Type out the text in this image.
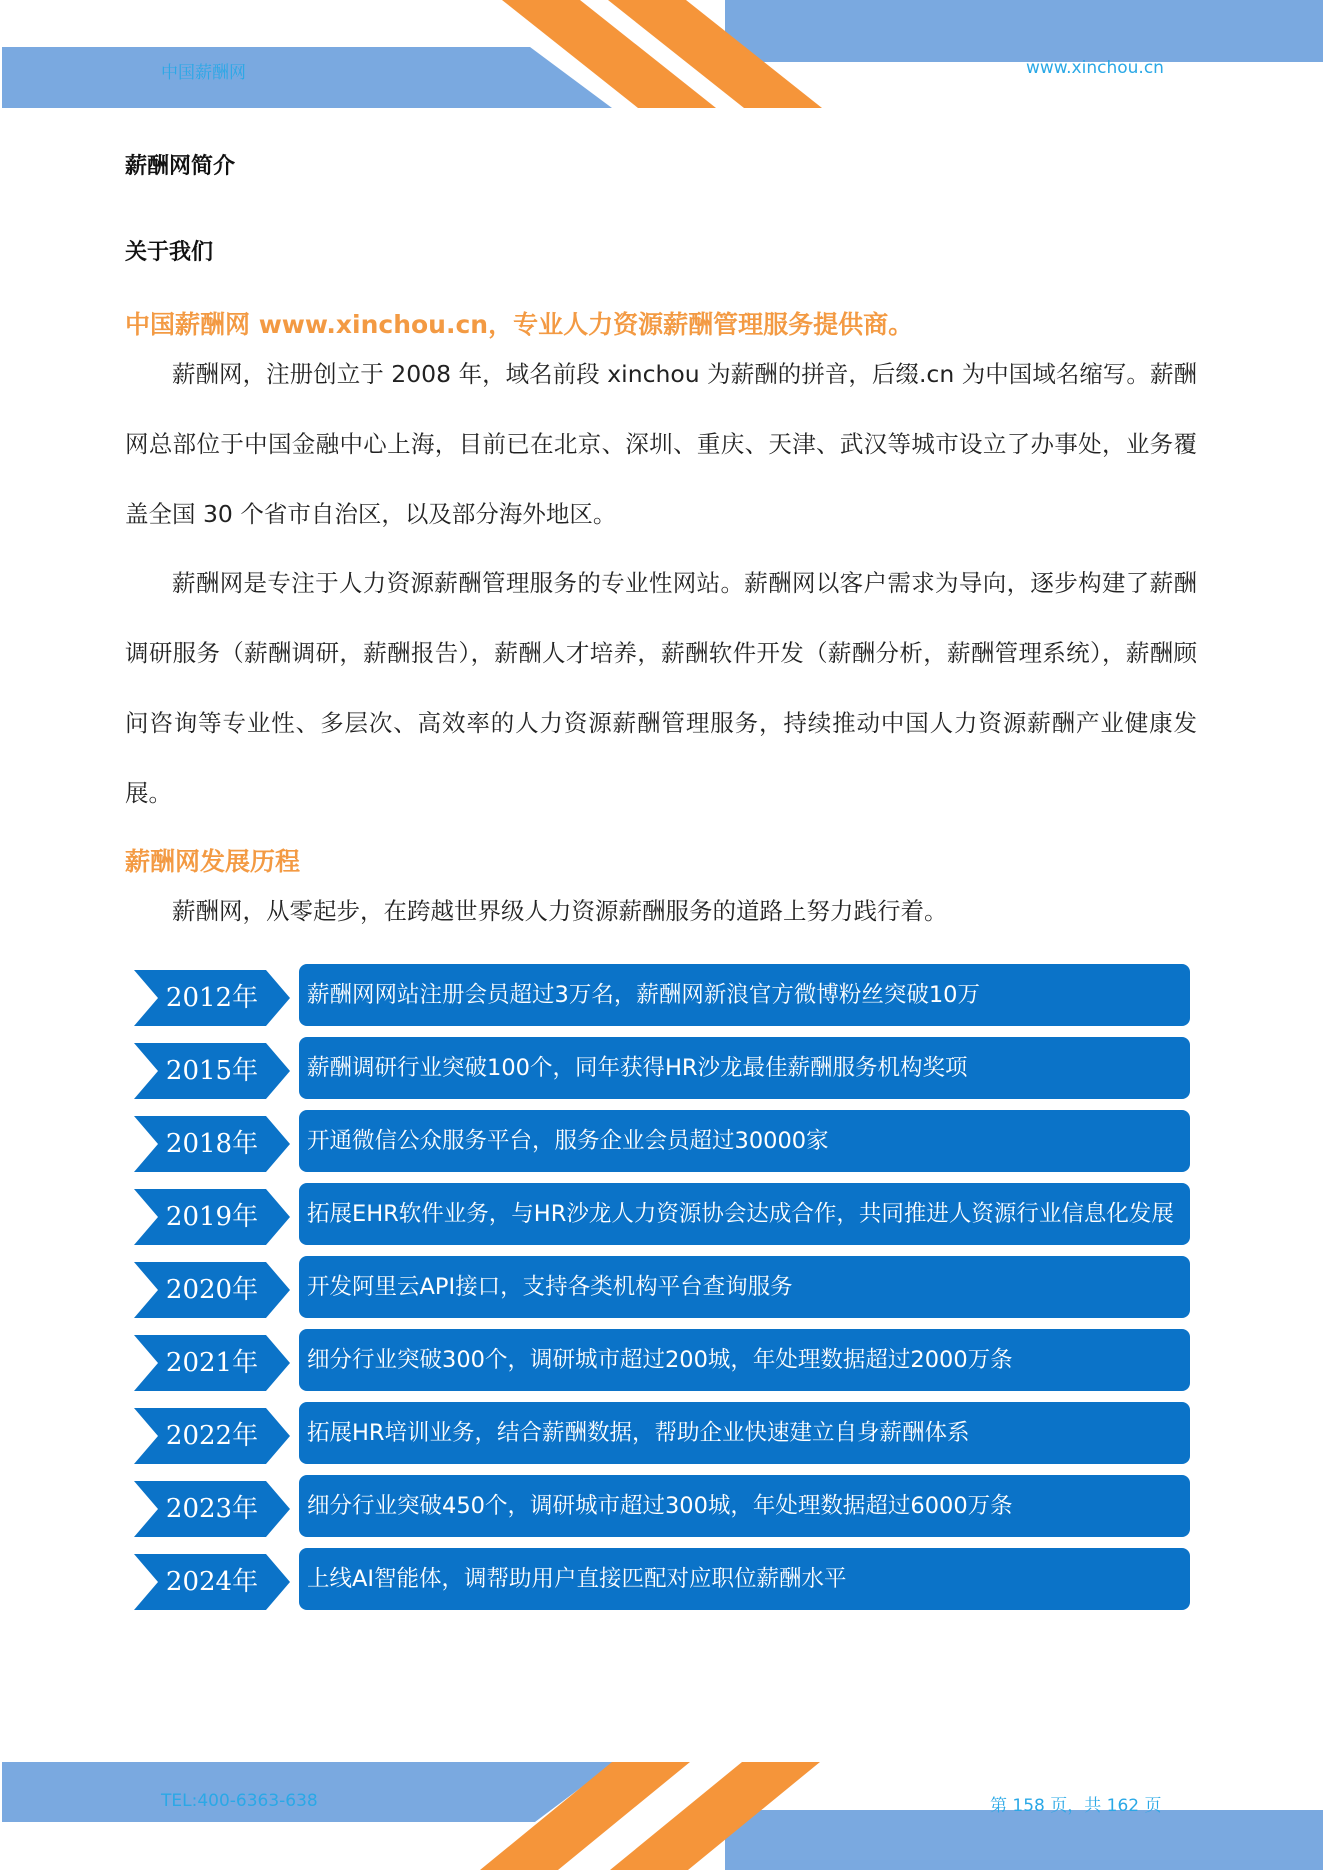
中国薪酬网	www.xinchou.cn
薪酬网简介
关于我们
中国薪酬网 www.xinchou.cn，专业人力资源薪酬管理服务提供商。

薪酬网，注册创立于 2008 年，域名前段 xinchou 为薪酬的拼音，后缀.cn 为中国域名缩写。薪酬网总部位于中国金融中心上海，目前已在北京、深圳、重庆、天津、武汉等城市设立了办事处，业务覆盖全国 30 个省市自治区，以及部分海外地区。

薪酬网是专注于人力资源薪酬管理服务的专业性网站。薪酬网以客户需求为导向，逐步构建了薪酬调研服务（薪酬调研，薪酬报告），薪酬人才培养，薪酬软件开发（薪酬分析，薪酬管理系统），薪酬顾问咨询等专业性、多层次、高效率的人力资源薪酬管理服务，持续推动中国人力资源薪酬产业健康发展。

薪酬网发展历程

薪酬网，从零起步，在跨越世界级人力资源薪酬服务的道路上努力践行着。

2012年	薪酬网网站注册会员超过3万名，薪酬网新浪官方微博粉丝突破10万
2015年	薪酬调研行业突破100个，同年获得HR沙龙最佳薪酬服务机构奖项
2018年	开通微信公众服务平台，服务企业会员超过30000家
2019年	拓展EHR软件业务，与HR沙龙人力资源协会达成合作，共同推进人资源行业信息化发展
2020年	开发阿里云API接口，支持各类机构平台查询服务
2021年	细分行业突破300个，调研城市超过200城，年处理数据超过2000万条
2022年	拓展HR培训业务，结合薪酬数据，帮助企业快速建立自身薪酬体系
2023年	细分行业突破450个，调研城市超过300城，年处理数据超过6000万条
2024年	上线AI智能体，调帮助用户直接匹配对应职位薪酬水平
TEL:400-6363-638	第 158 页，共 162 页
